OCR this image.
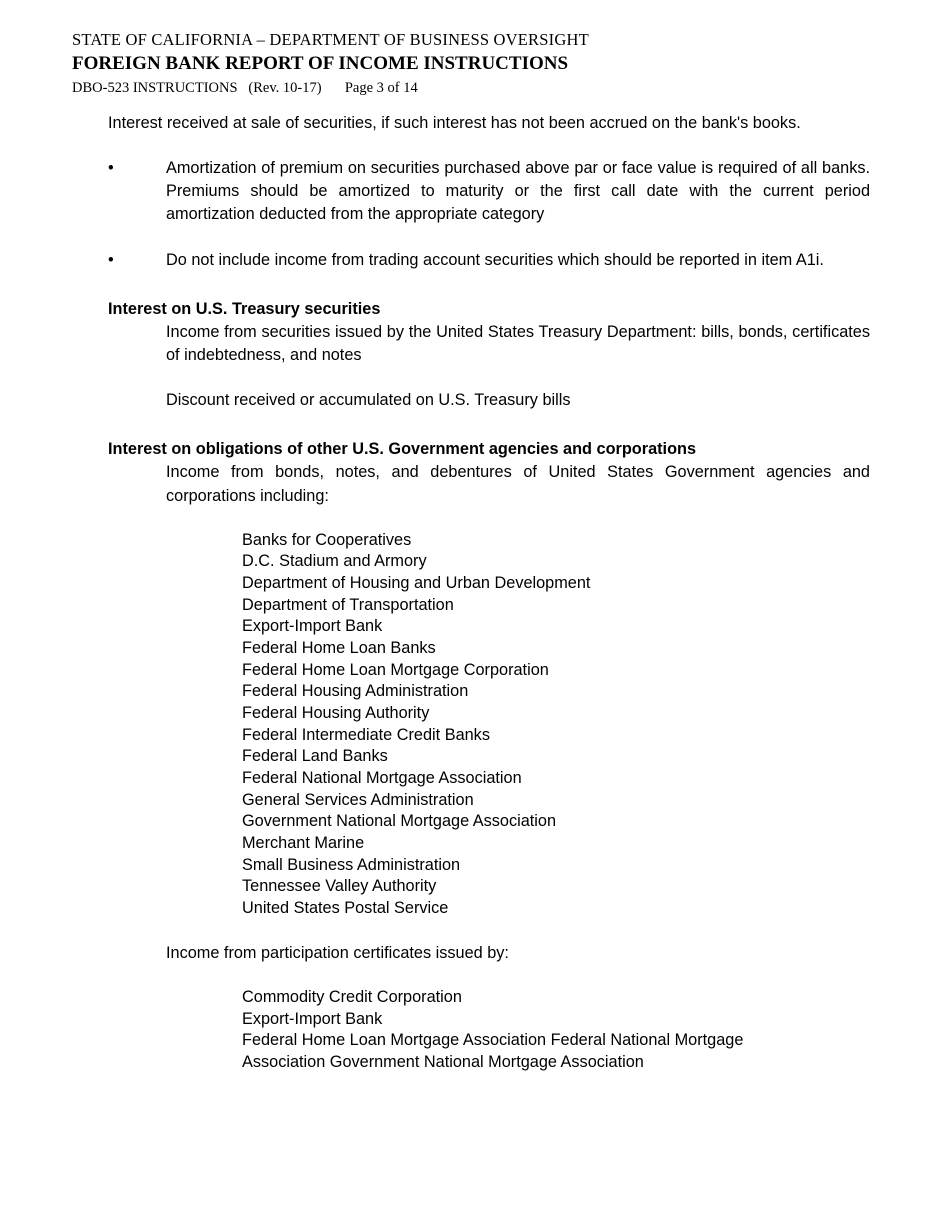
STATE OF CALIFORNIA – DEPARTMENT OF BUSINESS OVERSIGHT
FOREIGN BANK REPORT OF INCOME INSTRUCTIONS
DBO-523 INSTRUCTIONS (Rev. 10-17) Page 3 of 14

Interest received at sale of securities, if such interest has not been accrued on the bank's books.

•	Amortization of premium on securities purchased above par or face value is required of all banks. Premiums should be amortized to maturity or the first call date with the current period amortization deducted from the appropriate category
•	Do not include income from trading account securities which should be reported in item A1i.

Interest on U.S. Treasury securities

Income from securities issued by the United States Treasury Department: bills, bonds, certificates of indebtedness, and notes

Discount received or accumulated on U.S. Treasury bills

Interest on obligations of other U.S. Government agencies and corporations

Income from bonds, notes, and debentures of United States Government agencies and corporations including:

Banks for Cooperatives
D.C. Stadium and Armory
Department of Housing and Urban Development
Department of Transportation
Export-Import Bank
Federal Home Loan Banks
Federal Home Loan Mortgage Corporation
Federal Housing Administration
Federal Housing Authority
Federal Intermediate Credit Banks
Federal Land Banks
Federal National Mortgage Association
General Services Administration
Government National Mortgage Association
Merchant Marine
Small Business Administration
Tennessee Valley Authority
United States Postal Service

Income from participation certificates issued by:

Commodity Credit Corporation
Export-Import Bank
Federal Home Loan Mortgage Association Federal National Mortgage
Association Government National Mortgage Association
